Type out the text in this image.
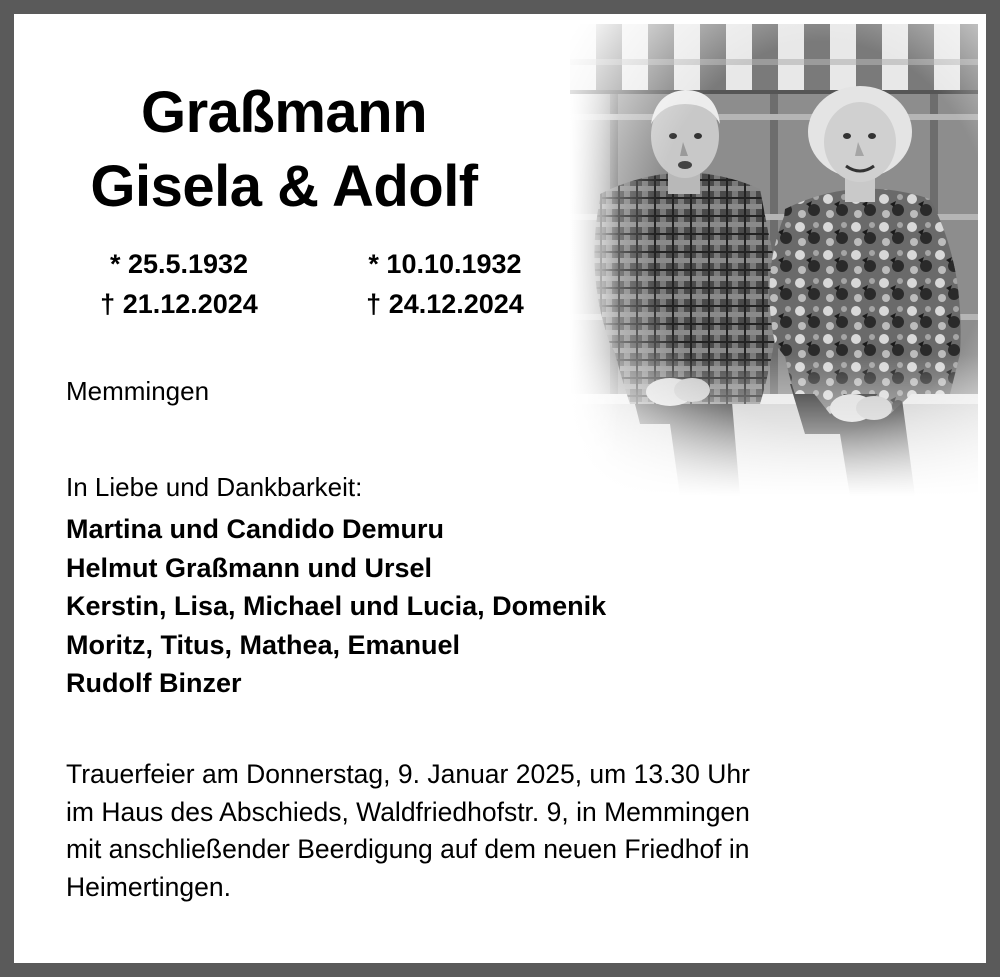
Graßmann
Gisela & Adolf
* 25.5.1932
† 21.12.2024
* 10.10.1932
† 24.12.2024
Memmingen
In Liebe und Dankbarkeit:
Martina und Candido Demuru
Helmut Graßmann und Ursel
Kerstin, Lisa, Michael und Lucia, Domenik
Moritz, Titus, Mathea, Emanuel
Rudolf Binzer
Trauerfeier am Donnerstag, 9. Januar 2025, um 13.30 Uhr
im Haus des Abschieds, Waldfriedhofstr. 9, in Memmingen
mit anschließender Beerdigung auf dem neuen Friedhof in
Heimertingen.
